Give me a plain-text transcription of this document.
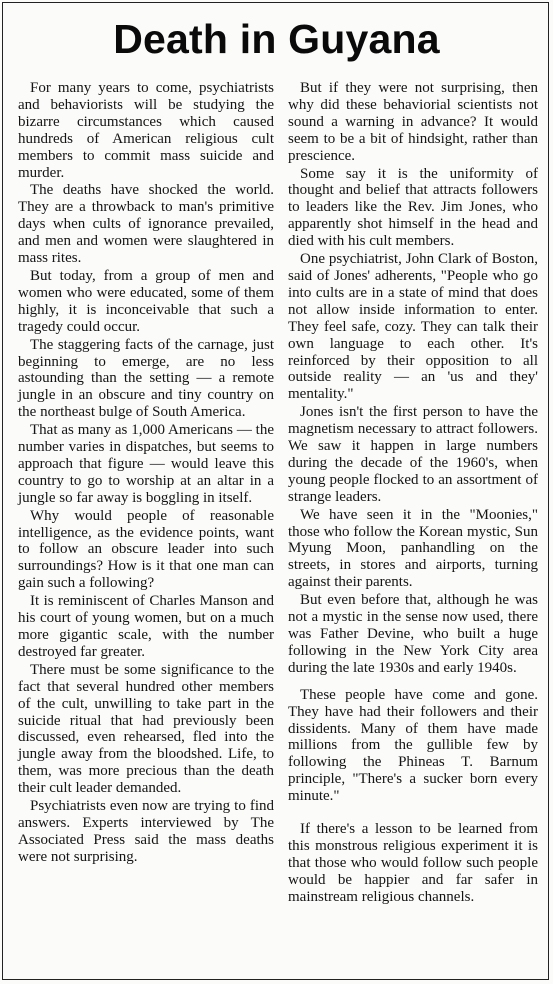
Death in Guyana

For many years to come, psychiatrists and behaviorists will be studying the bizarre circumstances which caused hundreds of American religious cult members to commit mass suicide and murder.

The deaths have shocked the world. They are a throwback to man's primitive days when cults of ignorance prevailed, and men and women were slaughtered in mass rites.

But today, from a group of men and women who were educated, some of them highly, it is inconceivable that such a tragedy could occur.

The staggering facts of the carnage, just beginning to emerge, are no less astounding than the setting — a remote jungle in an obscure and tiny country on the northeast bulge of South America.

That as many as 1,000 Americans — the number varies in dispatches, but seems to approach that figure — would leave this country to go to worship at an altar in a jungle so far away is boggling in itself.

Why would people of reasonable intelligence, as the evidence points, want to follow an obscure leader into such surroundings? How is it that one man can gain such a following?

It is reminiscent of Charles Manson and his court of young women, but on a much more gigantic scale, with the number destroyed far greater.

There must be some significance to the fact that several hundred other members of the cult, unwilling to take part in the suicide ritual that had previously been discussed, even rehearsed, fled into the jungle away from the bloodshed. Life, to them, was more precious than the death their cult leader demanded.

Psychiatrists even now are trying to find answers. Experts interviewed by The Associated Press said the mass deaths were not surprising.

But if they were not surprising, then why did these behaviorial scientists not sound a warning in advance? It would seem to be a bit of hindsight, rather than prescience.

Some say it is the uniformity of thought and belief that attracts followers to leaders like the Rev. Jim Jones, who apparently shot himself in the head and died with his cult members.

One psychiatrist, John Clark of Boston, said of Jones' adherents, "People who go into cults are in a state of mind that does not allow inside information to enter. They feel safe, cozy. They can talk their own language to each other. It's reinforced by their opposition to all outside reality — an 'us and they' mentality."

Jones isn't the first person to have the magnetism necessary to attract followers. We saw it happen in large numbers during the decade of the 1960's, when young people flocked to an assortment of strange leaders.

We have seen it in the "Moonies," those who follow the Korean mystic, Sun Myung Moon, panhandling on the streets, in stores and airports, turning against their parents.

But even before that, although he was not a mystic in the sense now used, there was Father Devine, who built a huge following in the New York City area during the late 1930s and early 1940s.

These people have come and gone. They have had their followers and their dissidents. Many of them have made millions from the gullible few by following the Phineas T. Barnum principle, "There's a sucker born every minute."

If there's a lesson to be learned from this monstrous religious experiment it is that those who would follow such people would be happier and far safer in mainstream religious channels.
